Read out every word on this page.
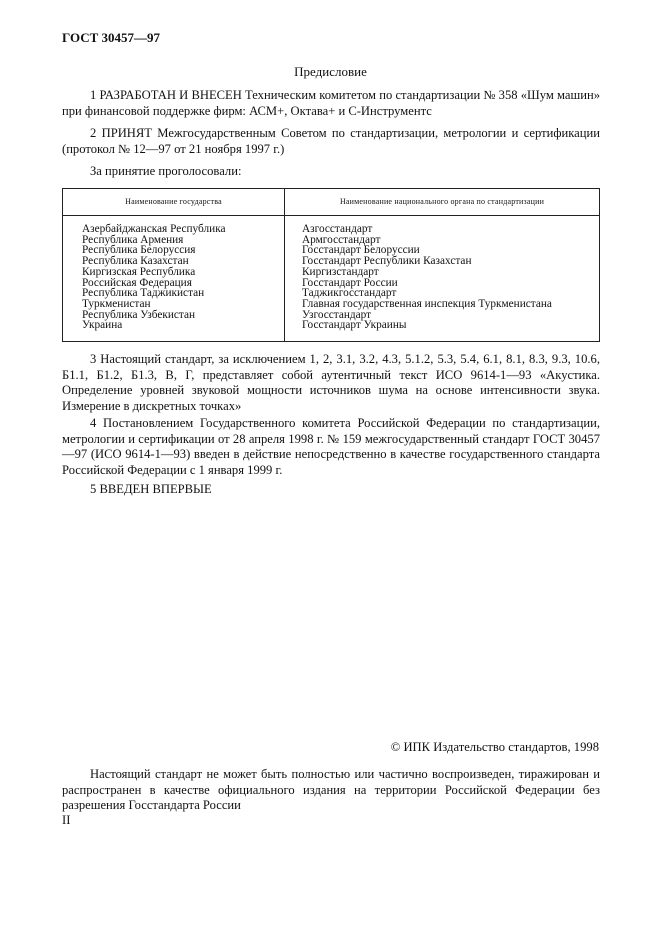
ГОСТ 30457—97
Предисловие
1 РАЗРАБОТАН И ВНЕСЕН Техническим комитетом по стандартизации № 358 «Шум машин» при финансовой поддержке фирм: АСМ+, Октава+ и С-Инструментс
2 ПРИНЯТ Межгосударственным Советом по стандартизации, метрологии и сертификации (протокол № 12—97 от 21 ноября 1997 г.)
За принятие проголосовали:
Наименование государства	Наименование национального органа по стандартизации
Азербайджанская Республика
Республика Армения
Республика Белоруссия
Республика Казахстан
Киргизская Республика
Российская Федерация
Республика Таджикистан
Туркменистан
Республика Узбекистан
Украина
Азгосстандарт
Армгосстандарт
Госстандарт Белоруссии
Госстандарт Республики Казахстан
Киргизстандарт
Госстандарт России
Таджикгосстандарт
Главная государственная инспекция Туркменистана
Узгосстандарт
Госстандарт Украины
3 Настоящий стандарт, за исключением 1, 2, 3.1, 3.2, 4.3, 5.1.2, 5.3, 5.4, 6.1, 8.1, 8.3, 9.3, 10.6, Б1.1, Б1.2, Б1.3, В, Г, представляет собой аутентичный текст ИСО 9614-1—93 «Акустика. Определение уровней звуковой мощности источников шума на основе интенсивности звука. Измерение в дискретных точках»
4 Постановлением Государственного комитета Российской Федерации по стандартизации, метрологии и сертификации от 28 апреля 1998 г. № 159 межгосударственный стандарт ГОСТ 30457—97 (ИСО 9614-1—93) введен в действие непосредственно в качестве государственного стандарта Российской Федерации с 1 января 1999 г.
5 ВВЕДЕН ВПЕРВЫЕ
© ИПК Издательство стандартов, 1998
Настоящий стандарт не может быть полностью или частично воспроизведен, тиражирован и распространен в качестве официального издания на территории Российской Федерации без разрешения Госстандарта России
II
